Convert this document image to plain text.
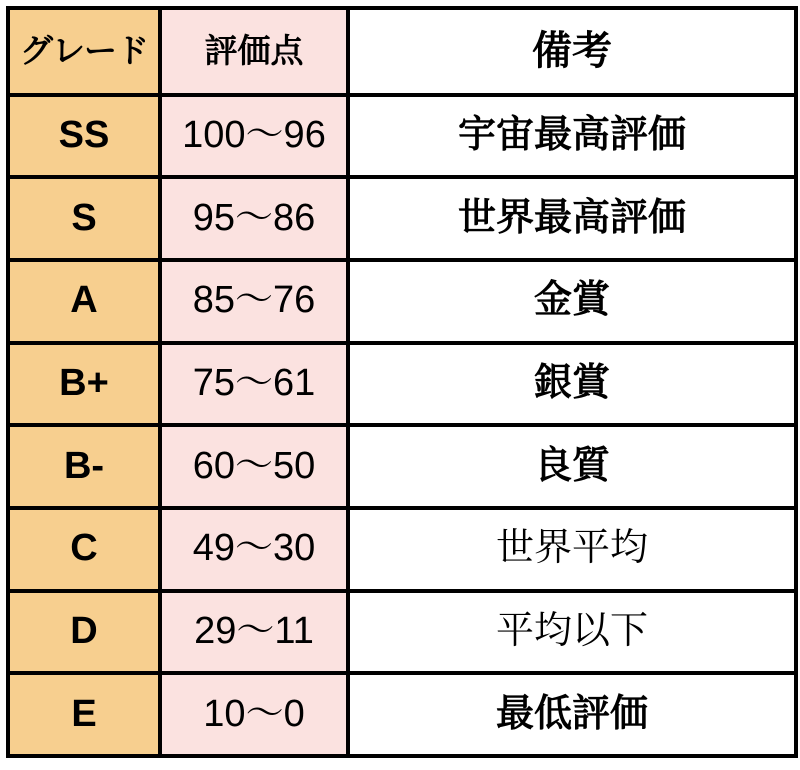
グレード	評価点	備考
SS	100〜96	宇宙最高評価
S	95〜86	世界最高評価
A	85〜76	金賞
B+	75〜61	銀賞
B-	60〜50	良質
C	49〜30	世界平均
D	29〜11	平均以下
E	10〜0	最低評価
